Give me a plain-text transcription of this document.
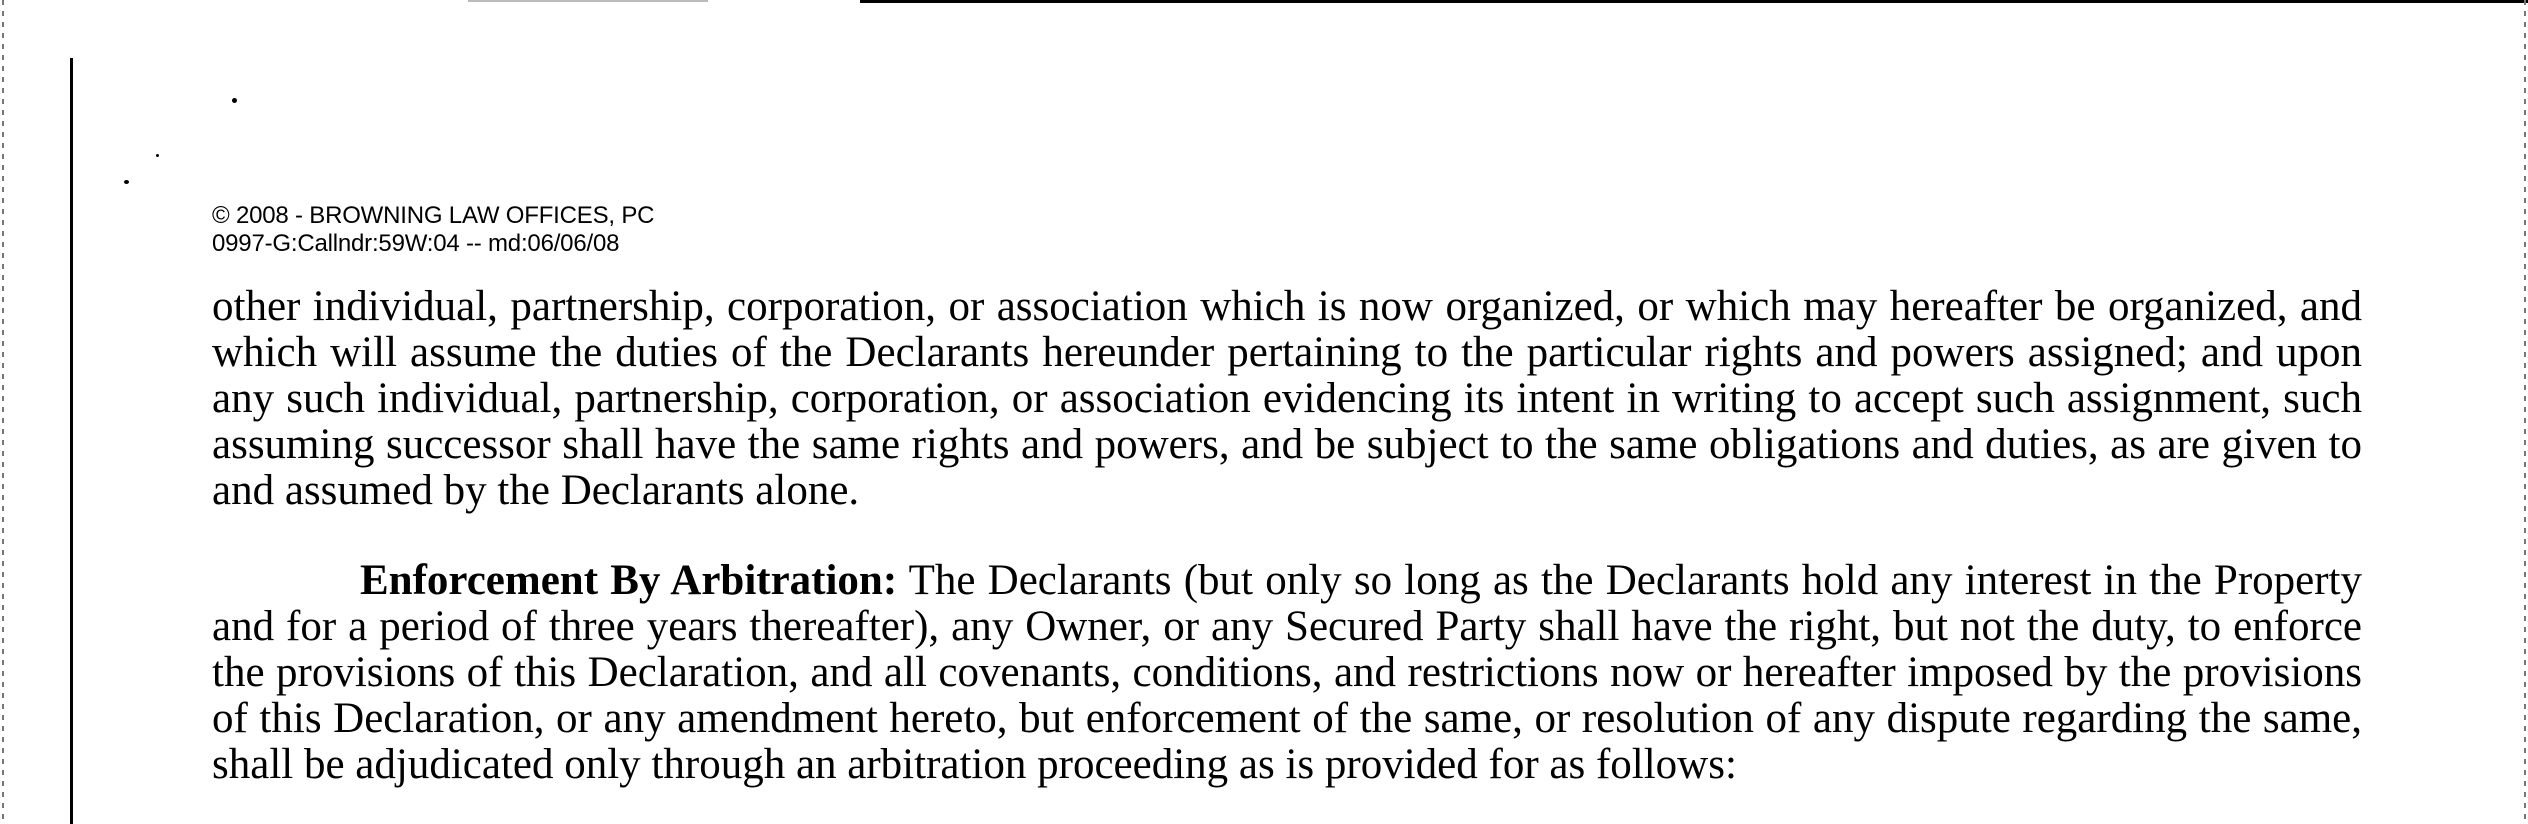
© 2008 - BROWNING LAW OFFICES, PC
0997-G:Callndr:59W:04 -- md:06/06/08

other individual, partnership, corporation, or association which is now organized, or which may hereafter be organized, and which will assume the duties of the Declarants hereunder pertaining to the particular rights and powers assigned; and upon any such individual, partnership, corporation, or association evidencing its intent in writing to accept such assignment, such assuming successor shall have the same rights and powers, and be subject to the same obligations and duties, as are given to and assumed by the Declarants alone.

Enforcement By Arbitration: The Declarants (but only so long as the Declarants hold any interest in the Property and for a period of three years thereafter), any Owner, or any Secured Party shall have the right, but not the duty, to enforce the provisions of this Declaration, and all covenants, conditions, and restrictions now or hereafter imposed by the provisions of this Declaration, or any amendment hereto, but enforcement of the same, or resolution of any dispute regarding the same, shall be adjudicated only through an arbitration proceeding as is provided for as follows:
